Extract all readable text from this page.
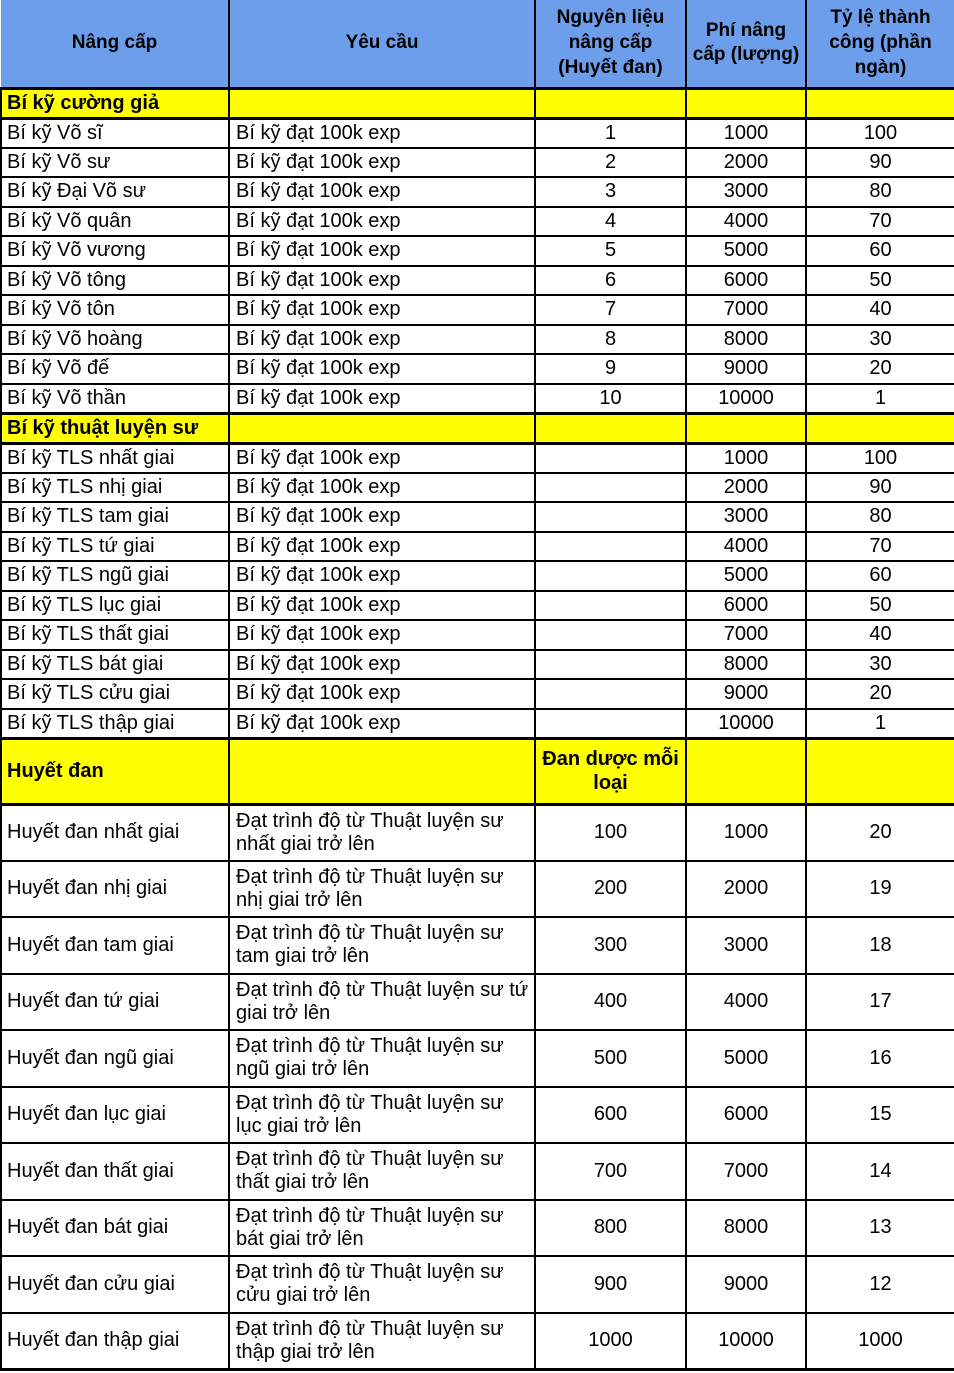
Nâng cấp	Yêu cầu	Nguyên liệu nâng cấp (Huyết đan)	Phí nâng cấp (lượng)	Tỷ lệ thành công (phần ngàn)
Bí kỹ cường giả				
Bí kỹ Võ sĩ	Bí kỹ đạt 100k exp	1	1000	100
Bí kỹ Võ sư	Bí kỹ đạt 100k exp	2	2000	90
Bí kỹ Đại Võ sư	Bí kỹ đạt 100k exp	3	3000	80
Bí kỹ Võ quân	Bí kỹ đạt 100k exp	4	4000	70
Bí kỹ Võ vương	Bí kỹ đạt 100k exp	5	5000	60
Bí kỹ Võ tông	Bí kỹ đạt 100k exp	6	6000	50
Bí kỹ Võ tôn	Bí kỹ đạt 100k exp	7	7000	40
Bí kỹ Võ hoàng	Bí kỹ đạt 100k exp	8	8000	30
Bí kỹ Võ đế	Bí kỹ đạt 100k exp	9	9000	20
Bí kỹ Võ thần	Bí kỹ đạt 100k exp	10	10000	1
Bí kỹ thuật luyện sư				
Bí kỹ TLS nhất giai	Bí kỹ đạt 100k exp		1000	100
Bí kỹ TLS nhị giai	Bí kỹ đạt 100k exp		2000	90
Bí kỹ TLS tam giai	Bí kỹ đạt 100k exp		3000	80
Bí kỹ TLS tứ giai	Bí kỹ đạt 100k exp		4000	70
Bí kỹ TLS ngũ giai	Bí kỹ đạt 100k exp		5000	60
Bí kỹ TLS lục giai	Bí kỹ đạt 100k exp		6000	50
Bí kỹ TLS thất giai	Bí kỹ đạt 100k exp		7000	40
Bí kỹ TLS bát giai	Bí kỹ đạt 100k exp		8000	30
Bí kỹ TLS cửu giai	Bí kỹ đạt 100k exp		9000	20
Bí kỹ TLS thập giai	Bí kỹ đạt 100k exp		10000	1
Huyết đan		Đan dược mỗi loại		
Huyết đan nhất giai	Đạt trình độ từ Thuật luyện sư nhất giai trở lên	100	1000	20
Huyết đan nhị giai	Đạt trình độ từ Thuật luyện sư nhị giai trở lên	200	2000	19
Huyết đan tam giai	Đạt trình độ từ Thuật luyện sư tam giai trở lên	300	3000	18
Huyết đan tứ giai	Đạt trình độ từ Thuật luyện sư tứ giai trở lên	400	4000	17
Huyết đan ngũ giai	Đạt trình độ từ Thuật luyện sư ngũ giai trở lên	500	5000	16
Huyết đan lục giai	Đạt trình độ từ Thuật luyện sư lục giai trở lên	600	6000	15
Huyết đan thất giai	Đạt trình độ từ Thuật luyện sư thất giai trở lên	700	7000	14
Huyết đan bát giai	Đạt trình độ từ Thuật luyện sư bát giai trở lên	800	8000	13
Huyết đan cửu giai	Đạt trình độ từ Thuật luyện sư cửu giai trở lên	900	9000	12
Huyết đan thập giai	Đạt trình độ từ Thuật luyện sư thập giai trở lên	1000	10000	1000
